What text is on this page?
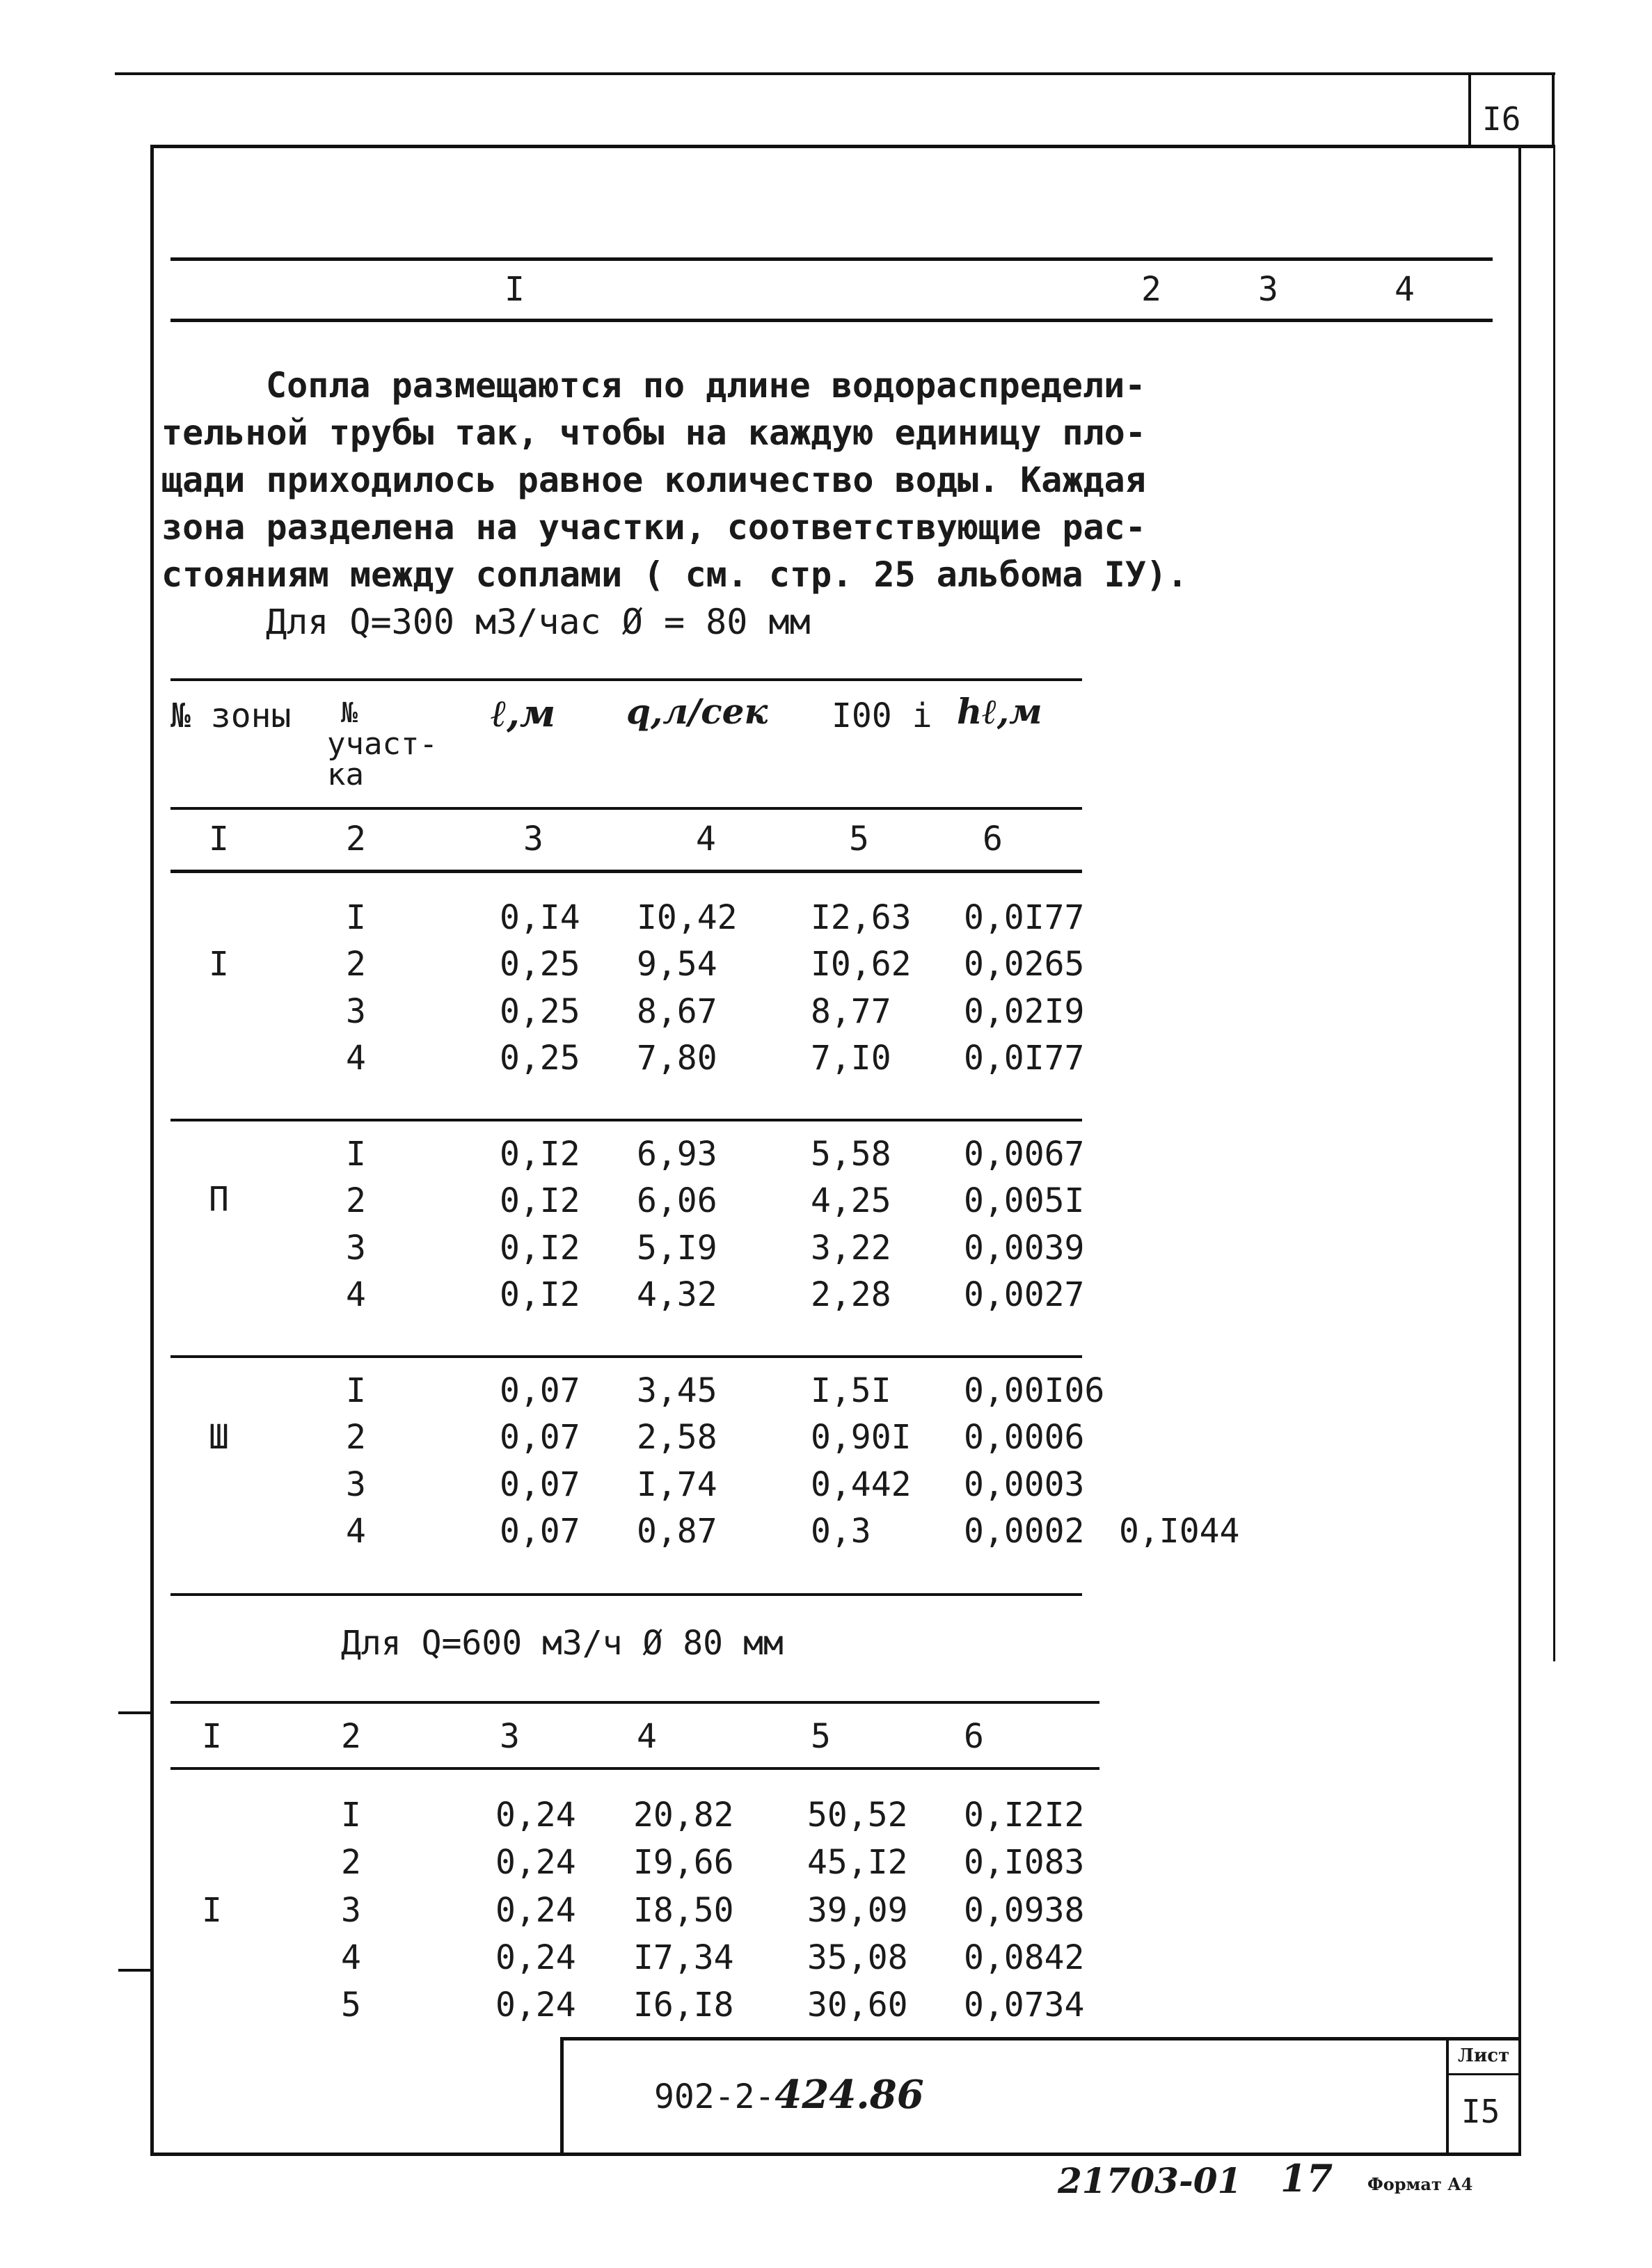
I6
I	2	3	4

Сопла размещаются по длине водораспредели-

тельной трубы так, чтобы на каждую единицу пло-

щади приходилось равное количество воды. Каждая

зона разделена на участки, соответствующие рас-

стояниям между соплами ( см. стр. 25 альбома IУ).

Для Q=300 м3/час Ø = 80 мм

№ зоны №
участ-
ка
ℓ,м q,л/сек I00 i hℓ,м
I	2	3	4	5	6
I
I	0,I4 I0,42 I2,63 0,0I77
2	0,25 9,54	I0,62 0,0265
3	0,25 8,67	8,77 0,02I9
4	0,25 7,80	7,I0 0,0I77
П
I	0,I2 6,93	5,58 0,0067
2	0,I2 6,06	4,25 0,005I
3	0,I2 5,I9	3,22 0,0039
4	0,I2 4,32	2,28 0,0027
Ш
I	0,07 3,45	I,5I 0,00I06
2	0,07 2,58	0,90I 0,0006
3	0,07 I,74	0,442 0,0003
4	0,07 0,87	0,3	0,0002 0,I044
Для Q=600 м3/ч Ø 80 мм
I	2	3	4	5	6
I
I	0,24 20,82 50,52 0,I2I2
2	0,24 I9,66 45,I2 0,I083
3	0,24 I8,50 39,09 0,0938
4	0,24 I7,34 35,08 0,0842
5	0,24 I6,I8 30,60 0,0734
902-2-424.86
Лист
I5
21703-01 17 Формат А4
